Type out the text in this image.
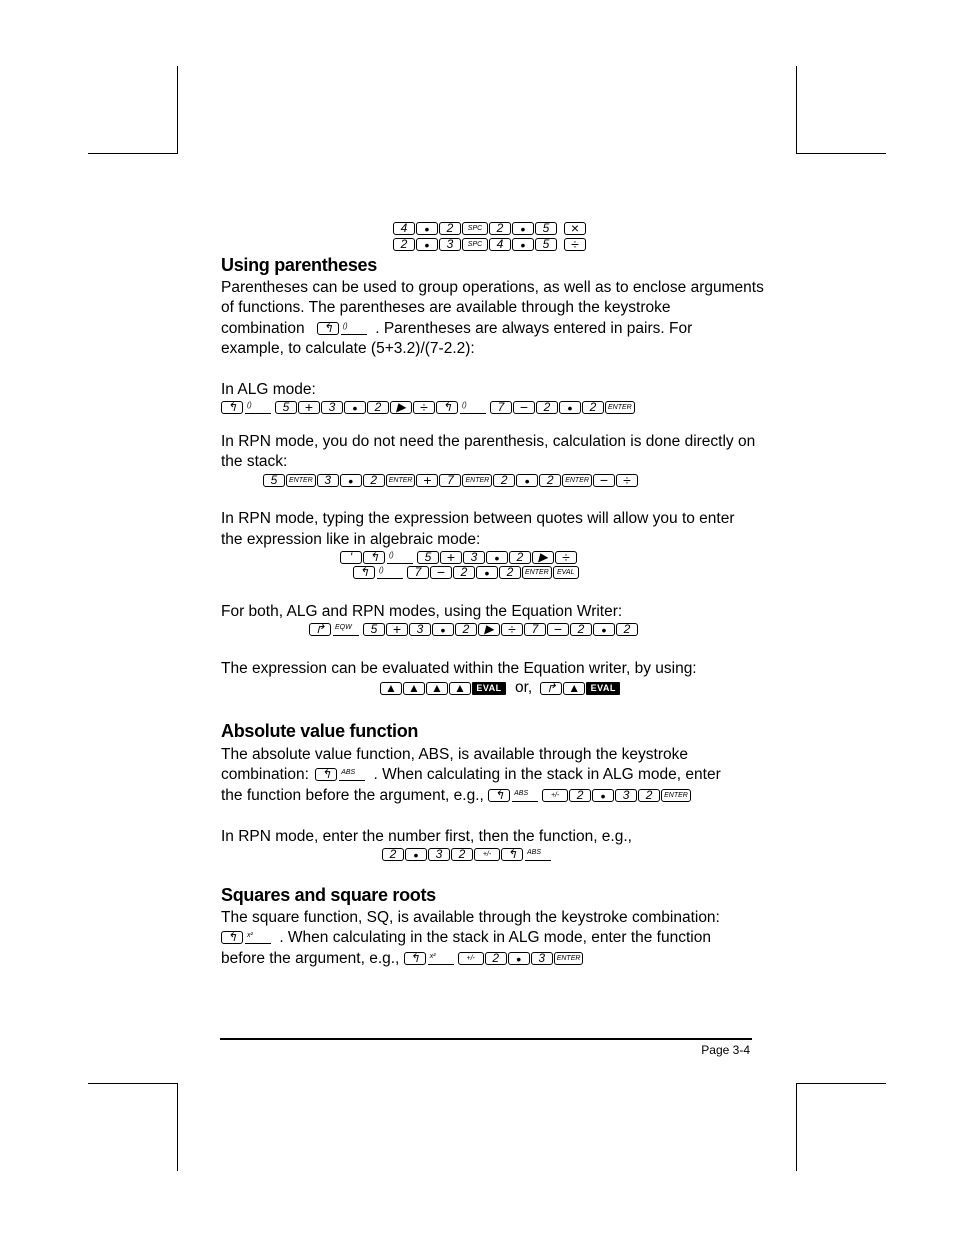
4	•	2	SPC	2	•	5	×
2	•	3	SPC	4	•	5	÷
Using parentheses
Parentheses can be used to group operations, as well as to enclose arguments
of functions. The parentheses are available through the keystroke
combination ↰ ()	. Parentheses are always entered in pairs. For
example, to calculate (5+3.2)/(7-2.2):
In ALG mode:
↰	()	5	+	3	•	2	▶	÷	↰	()	7	−	2	•	2	ENTER
In RPN mode, you do not need the parenthesis, calculation is done directly on
the stack:
5	ENTER 3	•	2	ENTER +	7	ENTER 2	•	2	ENTER −	÷
In RPN mode, typing the expression between quotes will allow you to enter
the expression like in algebraic mode:
'	↰	()	5	+	3	•	2	▶	÷
↰	()	7	−	2	•	2	ENTER	EVAL
For both, ALG and RPN modes, using the Equation Writer:
↱ EQW	5	+	3	•	2	▶	÷	7	−	2	•	2
The expression can be evaluated within the Equation writer, by using:
▲ ▲ ▲ ▲	EVAL or,	↱	▲	EVAL
Absolute value function
The absolute value function, ABS, is available through the keystroke
combination:	↰	ABS	. When calculating in the stack in ALG mode, enter
the function before the argument, e.g., ↰	ABS	+/-	2	•	3	2	ENTER
In RPN mode, enter the number first, then the function, e.g.,
2	•	3	2	+/-	↰	ABS
Squares and square roots
The square function, SQ, is available through the keystroke combination:
↰	x²	. When calculating in the stack in ALG mode, enter the function
before the argument, e.g., ↰	x²	+/-	2	•	3	ENTER
Page 3-4
